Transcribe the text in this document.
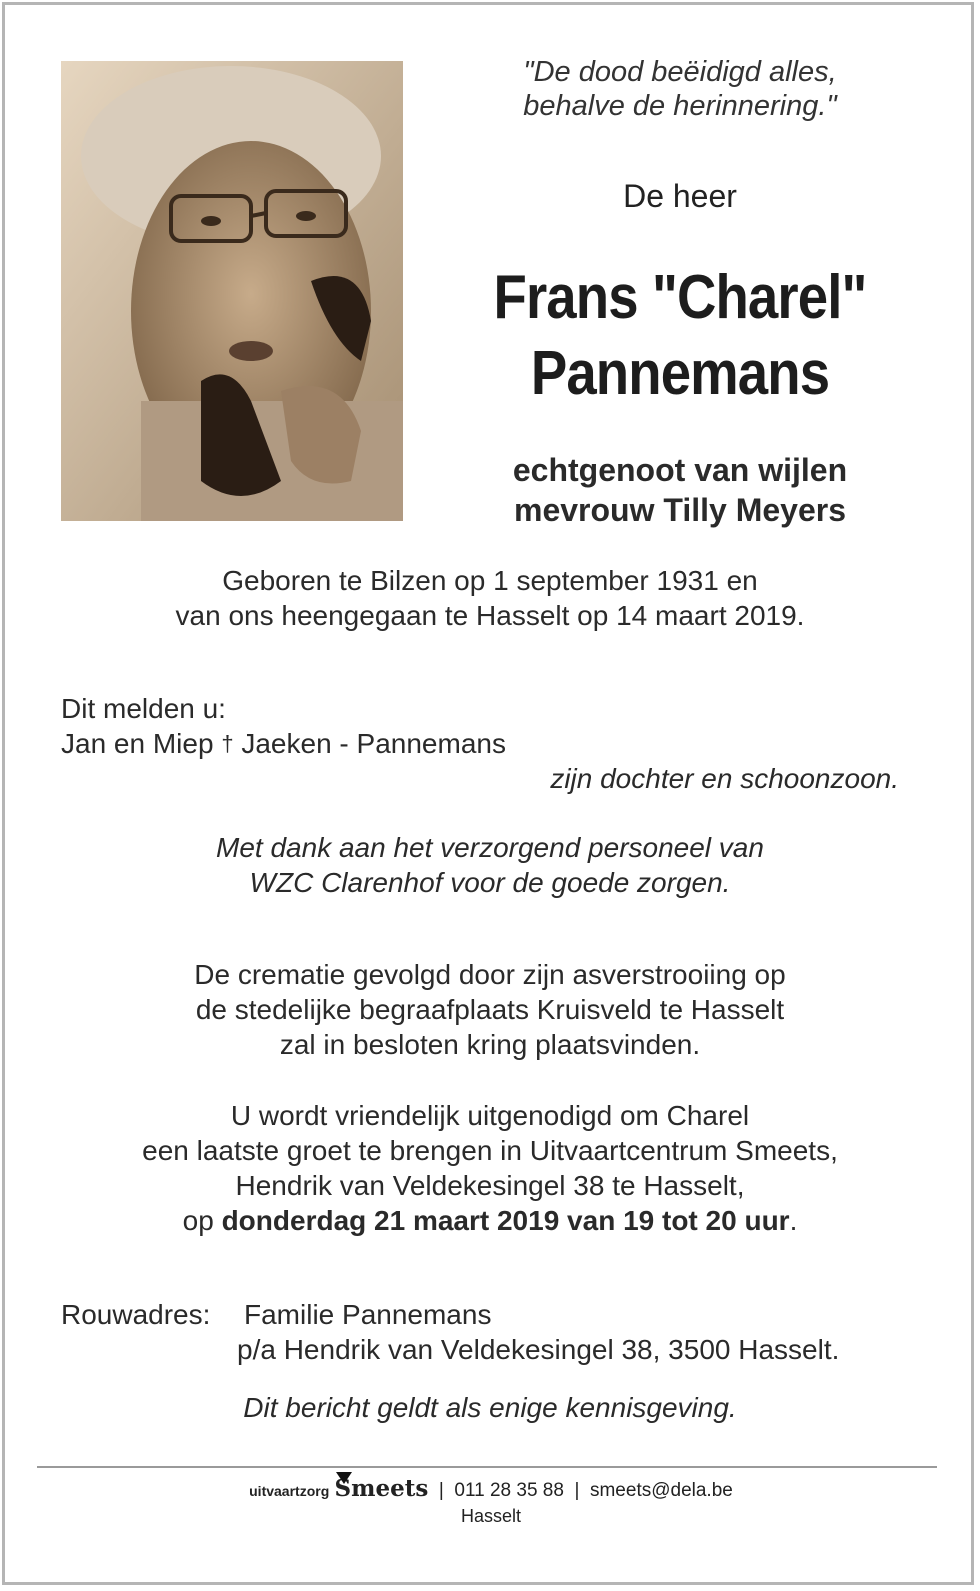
"De dood beëidigd alles,
behalve de herinnering."
De heer
Frans "Charel"
Pannemans
echtgenoot van wijlen
mevrouw Tilly Meyers
Geboren te Bilzen op 1 september 1931 en
van ons heengegaan te Hasselt op 14 maart 2019.
Dit melden u:
Jan en Miep † Jaeken - Pannemans
zijn dochter en schoonzoon.
Met dank aan het verzorgend personeel van
WZC Clarenhof voor de goede zorgen.
De crematie gevolgd door zijn asverstrooiing op
de stedelijke begraafplaats Kruisveld te Hasselt
zal in besloten kring plaatsvinden.
U wordt vriendelijk uitgenodigd om Charel
een laatste groet te brengen in Uitvaartcentrum Smeets,
Hendrik van Veldekesingel 38 te Hasselt,
op donderdag 21 maart 2019 van 19 tot 20 uur.
Rouwadres: Familie Pannemans
p/a Hendrik van Veldekesingel 38, 3500 Hasselt.
Dit bericht geldt als enige kennisgeving.
uitvaartzorg Smeets  |  011 28 35 88  |  smeets@dela.be
Hasselt
